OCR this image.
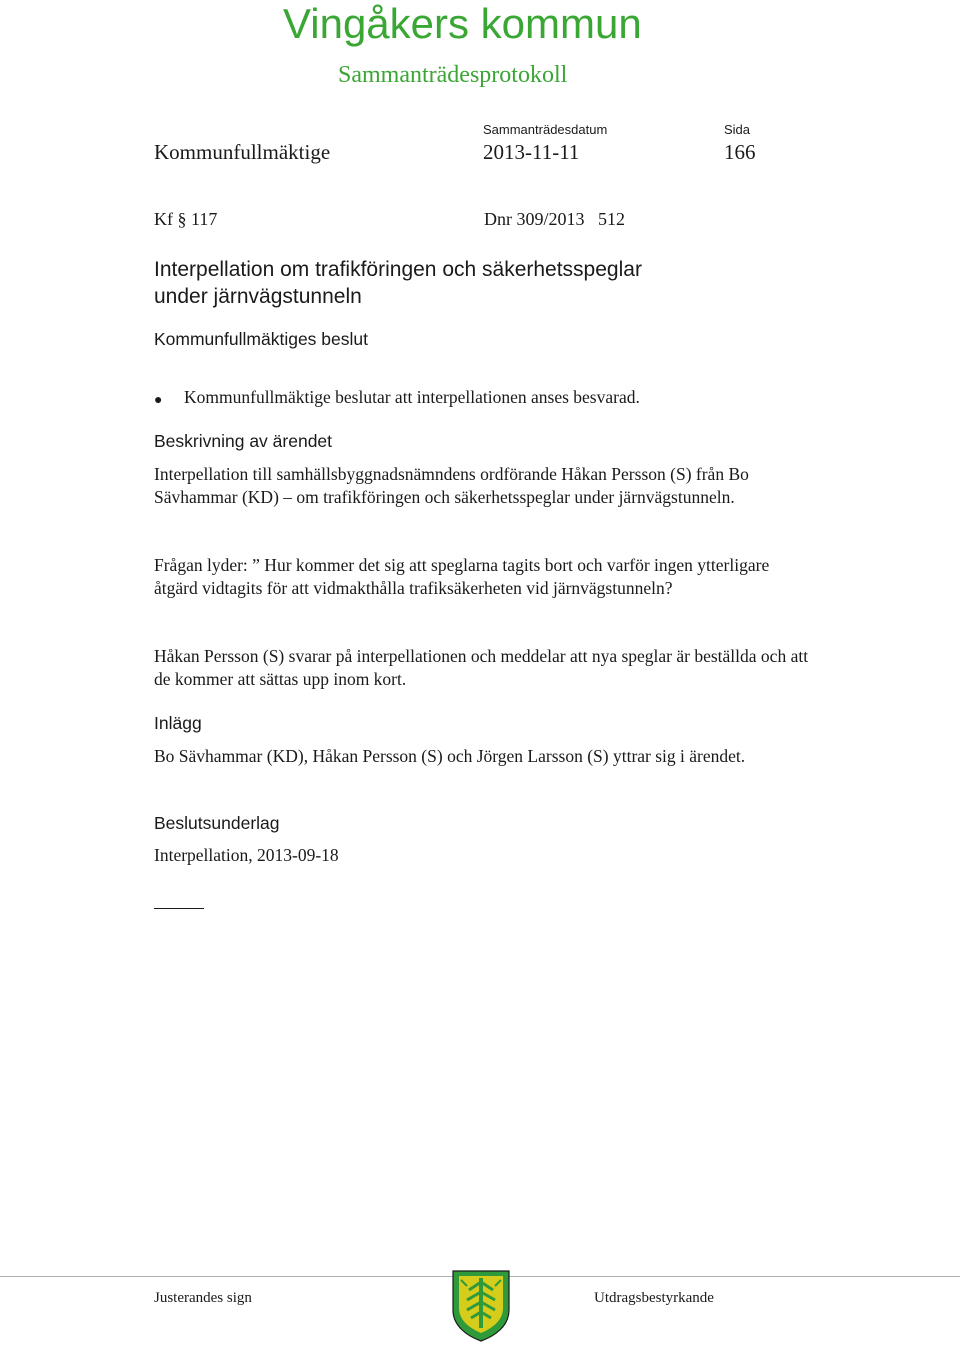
Vingåkers kommun
Sammanträdesprotokoll
Kommunfullmäktige
Sammanträdesdatum
2013-11-11
Sida
166
Kf § 117	Dnr 309/2013   512
Interpellation om trafikföringen och säkerhetsspeglar
under järnvägstunneln
Kommunfullmäktiges beslut
● Kommunfullmäktige beslutar att interpellationen anses besvarad.
Beskrivning av ärendet

Interpellation till samhällsbyggnadsnämndens ordförande Håkan Persson (S) från Bo Sävhammar (KD) – om trafikföringen och säkerhetsspeglar under järnvägstunneln.

Frågan lyder: ” Hur kommer det sig att speglarna tagits bort och varför ingen ytterligare åtgärd vidtagits för att vidmakthålla trafiksäkerheten vid järnvägstunneln?

Håkan Persson (S) svarar på interpellationen och meddelar att nya speglar är beställda och att de kommer att sättas upp inom kort.

Inlägg

Bo Sävhammar (KD), Håkan Persson (S) och Jörgen Larsson (S) yttrar sig i ärendet.

Beslutsunderlag
Interpellation, 2013-09-18
Justerandes sign	Utdragsbestyrkande
